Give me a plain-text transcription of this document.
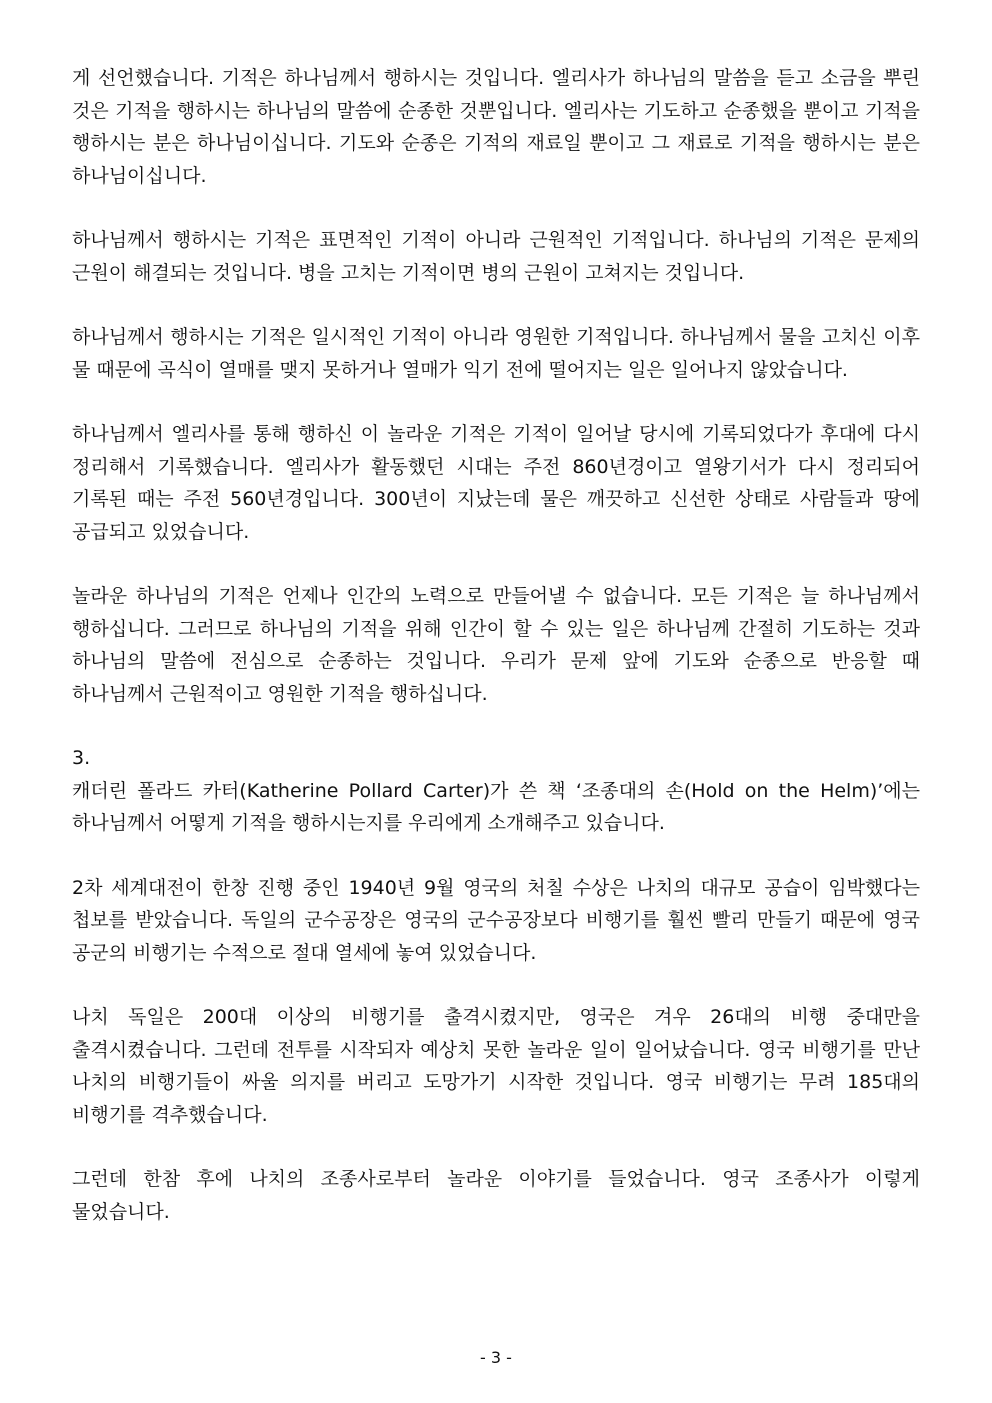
게 선언했습니다. 기적은 하나님께서 행하시는 것입니다. 엘리사가 하나님의 말씀을 듣고 소금을 뿌린 것은 기적을 행하시는 하나님의 말씀에 순종한 것뿐입니다. 엘리사는 기도하고 순종했을 뿐이고 기적을 행하시는 분은 하나님이십니다. 기도와 순종은 기적의 재료일 뿐이고 그 재료로 기적을 행하시는 분은 하나님이십니다.

하나님께서 행하시는 기적은 표면적인 기적이 아니라 근원적인 기적입니다. 하나님의 기적은 문제의 근원이 해결되는 것입니다. 병을 고치는 기적이면 병의 근원이 고쳐지는 것입니다.

하나님께서 행하시는 기적은 일시적인 기적이 아니라 영원한 기적입니다. 하나님께서 물을 고치신 이후 물 때문에 곡식이 열매를 맺지 못하거나 열매가 익기 전에 떨어지는 일은 일어나지 않았습니다.

하나님께서 엘리사를 통해 행하신 이 놀라운 기적은 기적이 일어날 당시에 기록되었다가 후대에 다시 정리해서 기록했습니다. 엘리사가 활동했던 시대는 주전 860년경이고 열왕기서가 다시 정리되어 기록된 때는 주전 560년경입니다. 300년이 지났는데 물은 깨끗하고 신선한 상태로 사람들과 땅에 공급되고 있었습니다.

놀라운 하나님의 기적은 언제나 인간의 노력으로 만들어낼 수 없습니다. 모든 기적은 늘 하나님께서 행하십니다. 그러므로 하나님의 기적을 위해 인간이 할 수 있는 일은 하나님께 간절히 기도하는 것과 하나님의 말씀에 전심으로 순종하는 것입니다. 우리가 문제 앞에 기도와 순종으로 반응할 때 하나님께서 근원적이고 영원한 기적을 행하십니다.

3.

캐더린 폴라드 카터(Katherine Pollard Carter)가 쓴 책 ‘조종대의 손(Hold on the Helm)’에는 하나님께서 어떻게 기적을 행하시는지를 우리에게 소개해주고 있습니다.

2차 세계대전이 한창 진행 중인 1940년 9월 영국의 처칠 수상은 나치의 대규모 공습이 임박했다는 첩보를 받았습니다. 독일의 군수공장은 영국의 군수공장보다 비행기를 훨씬 빨리 만들기 때문에 영국 공군의 비행기는 수적으로 절대 열세에 놓여 있었습니다.

나치 독일은 200대 이상의 비행기를 출격시켰지만, 영국은 겨우 26대의 비행 중대만을 출격시켰습니다. 그런데 전투를 시작되자 예상치 못한 놀라운 일이 일어났습니다. 영국 비행기를 만난 나치의 비행기들이 싸울 의지를 버리고 도망가기 시작한 것입니다. 영국 비행기는 무려 185대의 비행기를 격추했습니다.

그런데 한참 후에 나치의 조종사로부터 놀라운 이야기를 들었습니다. 영국 조종사가 이렇게 물었습니다.

- 3 -
